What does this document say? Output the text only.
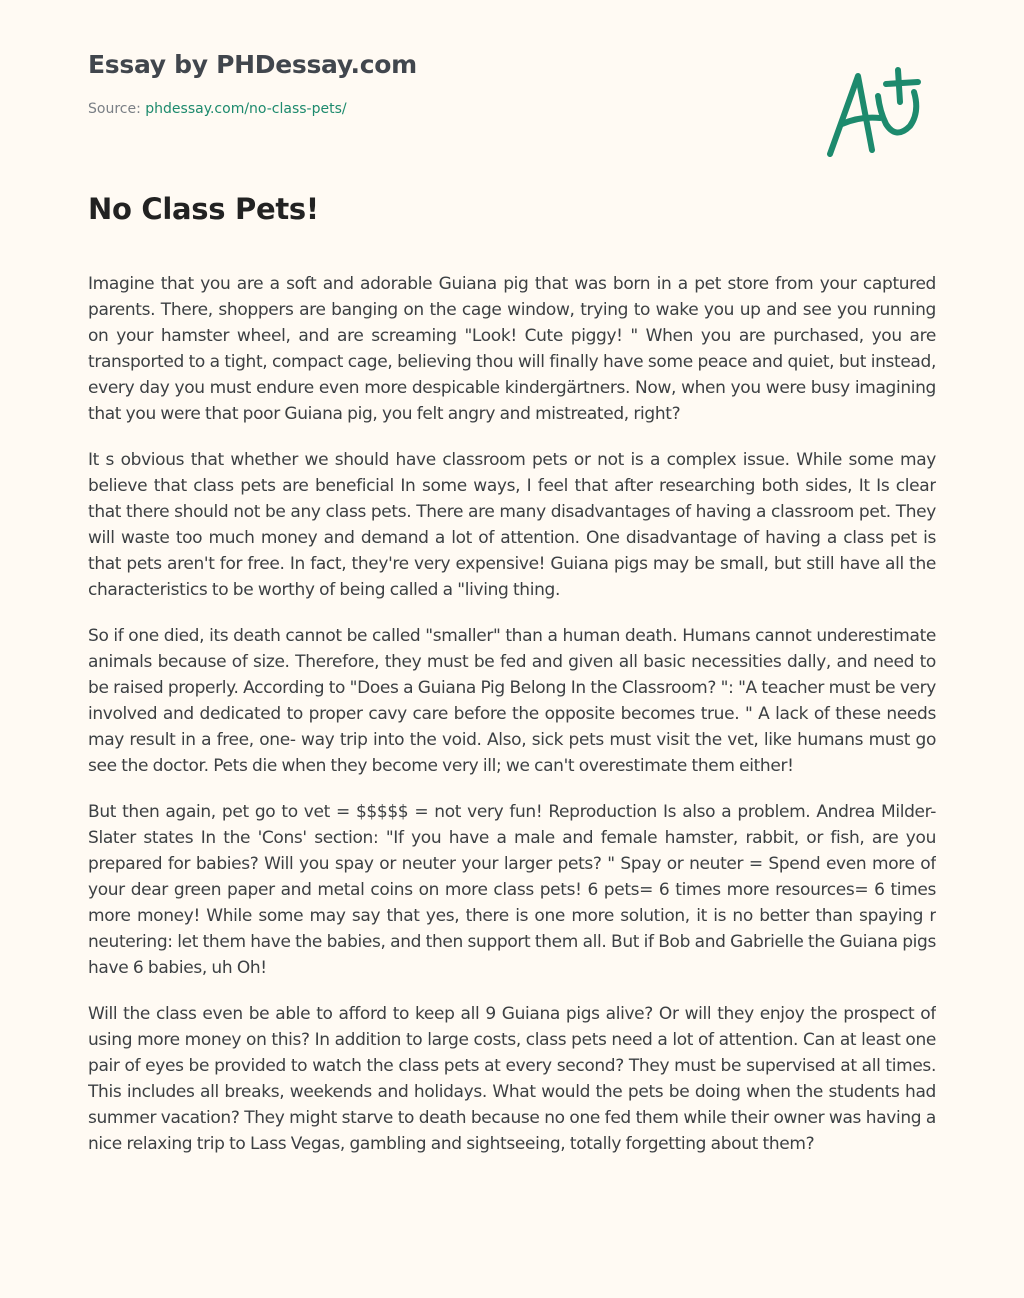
Essay by PHDessay.com
Source: phdessay.com/no-class-pets/
No Class Pets!

Imagine that you are a soft and adorable Guiana pig that was born in a pet store from your captured parents. There, shoppers are banging on the cage window, trying to wake you up and see you running on your hamster wheel, and are screaming "Look! Cute piggy! " When you are purchased, you are transported to a tight, compact cage, believing thou will finally have some peace and quiet, but instead, every day you must endure even more despicable kindergärtners. Now, when you were busy imagining that you were that poor Guiana pig, you felt angry and mistreated, right?

It s obvious that whether we should have classroom pets or not is a complex issue. While some may believe that class pets are beneficial In some ways, I feel that after researching both sides, It Is clear that there should not be any class pets. There are many disadvantages of having a classroom pet. They will waste too much money and demand a lot of attention. One disadvantage of having a class pet is that pets aren't for free. In fact, they're very expensive! Guiana pigs may be small, but still have all the characteristics to be worthy of being called a "living thing.

So if one died, its death cannot be called "smaller" than a human death. Humans cannot underestimate animals because of size. Therefore, they must be fed and given all basic necessities dally, and need to be raised properly. According to "Does a Guiana Pig Belong In the Classroom? ": "A teacher must be very involved and dedicated to proper cavy care before the opposite becomes true. " A lack of these needs may result in a free, one- way trip into the void. Also, sick pets must visit the vet, like humans must go see the doctor. Pets die when they become very ill; we can't overestimate them either!

But then again, pet go to vet = $$$$$ = not very fun! Reproduction Is also a problem. Andrea Milder-Slater states In the 'Cons' section: "If you have a male and female hamster, rabbit, or fish, are you prepared for babies? Will you spay or neuter your larger pets? " Spay or neuter = Spend even more of your dear green paper and metal coins on more class pets! 6 pets= 6 times more resources= 6 times more money! While some may say that yes, there is one more solution, it is no better than spaying r neutering: let them have the babies, and then support them all. But if Bob and Gabrielle the Guiana pigs have 6 babies, uh Oh!

Will the class even be able to afford to keep all 9 Guiana pigs alive? Or will they enjoy the prospect of using more money on this? In addition to large costs, class pets need a lot of attention. Can at least one pair of eyes be provided to watch the class pets at every second? They must be supervised at all times. This includes all breaks, weekends and holidays. What would the pets be doing when the students had summer vacation? They might starve to death because no one fed them while their owner was having a nice relaxing trip to Lass Vegas, gambling and sightseeing, totally forgetting about them?
